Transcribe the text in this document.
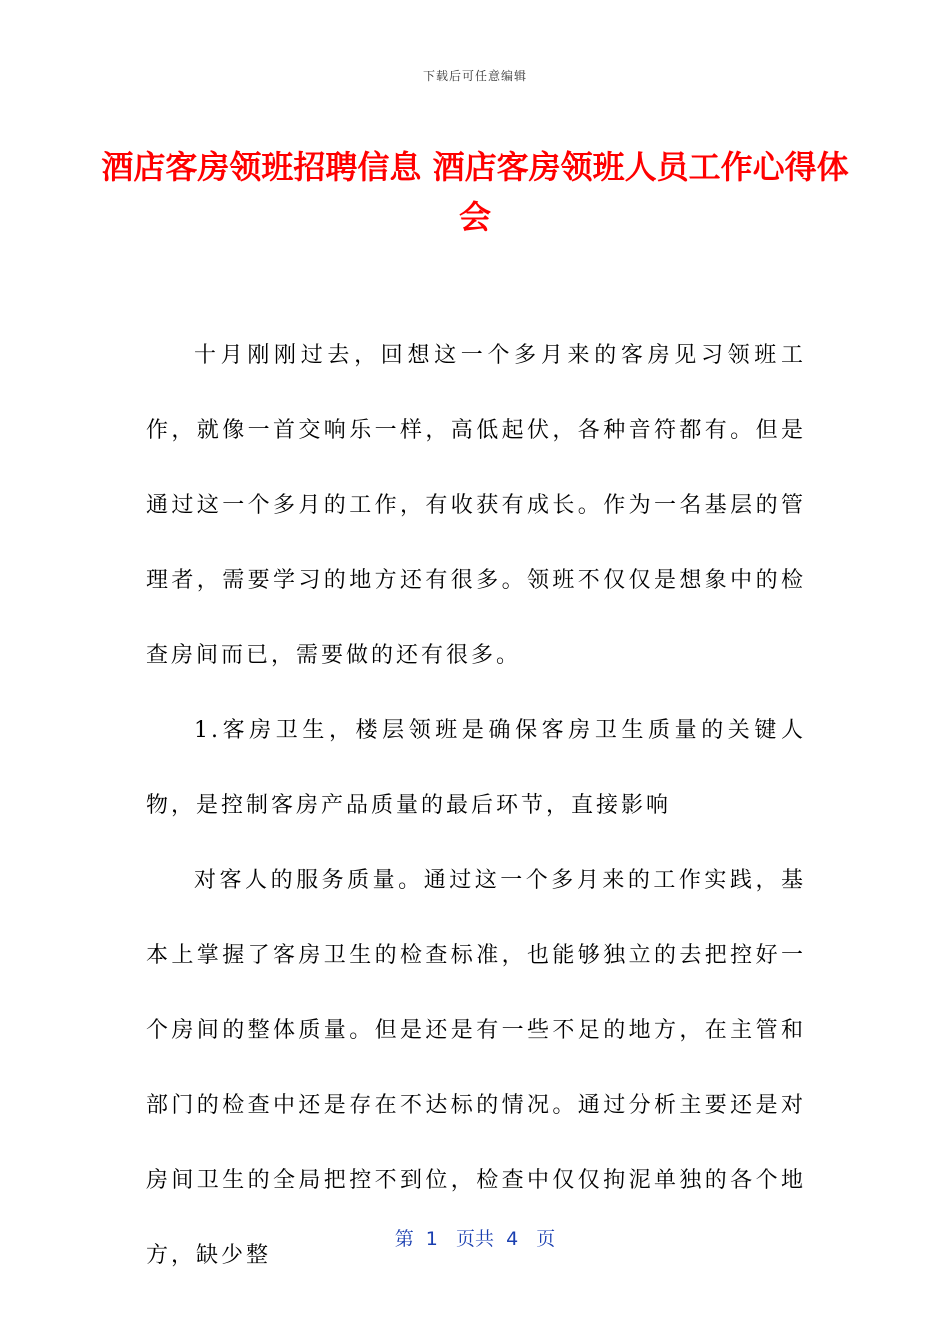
下载后可任意编辑
酒店客房领班招聘信息 酒店客房领班人员工作心得体会

十月刚刚过去，回想这一个多月来的客房见习领班工作，就像一首交响乐一样，高低起伏，各种音符都有。但是通过这一个多月的工作，有收获有成长。作为一名基层的管理者，需要学习的地方还有很多。领班不仅仅是想象中的检查房间而已，需要做的还有很多。

1.客房卫生，楼层领班是确保客房卫生质量的关键人物，是控制客房产品质量的最后环节，直接影响

对客人的服务质量。通过这一个多月来的工作实践，基本上掌握了客房卫生的检查标准，也能够独立的去把控好一个房间的整体质量。但是还是有一些不足的地方，在主管和部门的检查中还是存在不达标的情况。通过分析主要还是对房间卫生的全局把控不到位，检查中仅仅拘泥单独的各个地方，缺少整

第  1   页共  4   页
